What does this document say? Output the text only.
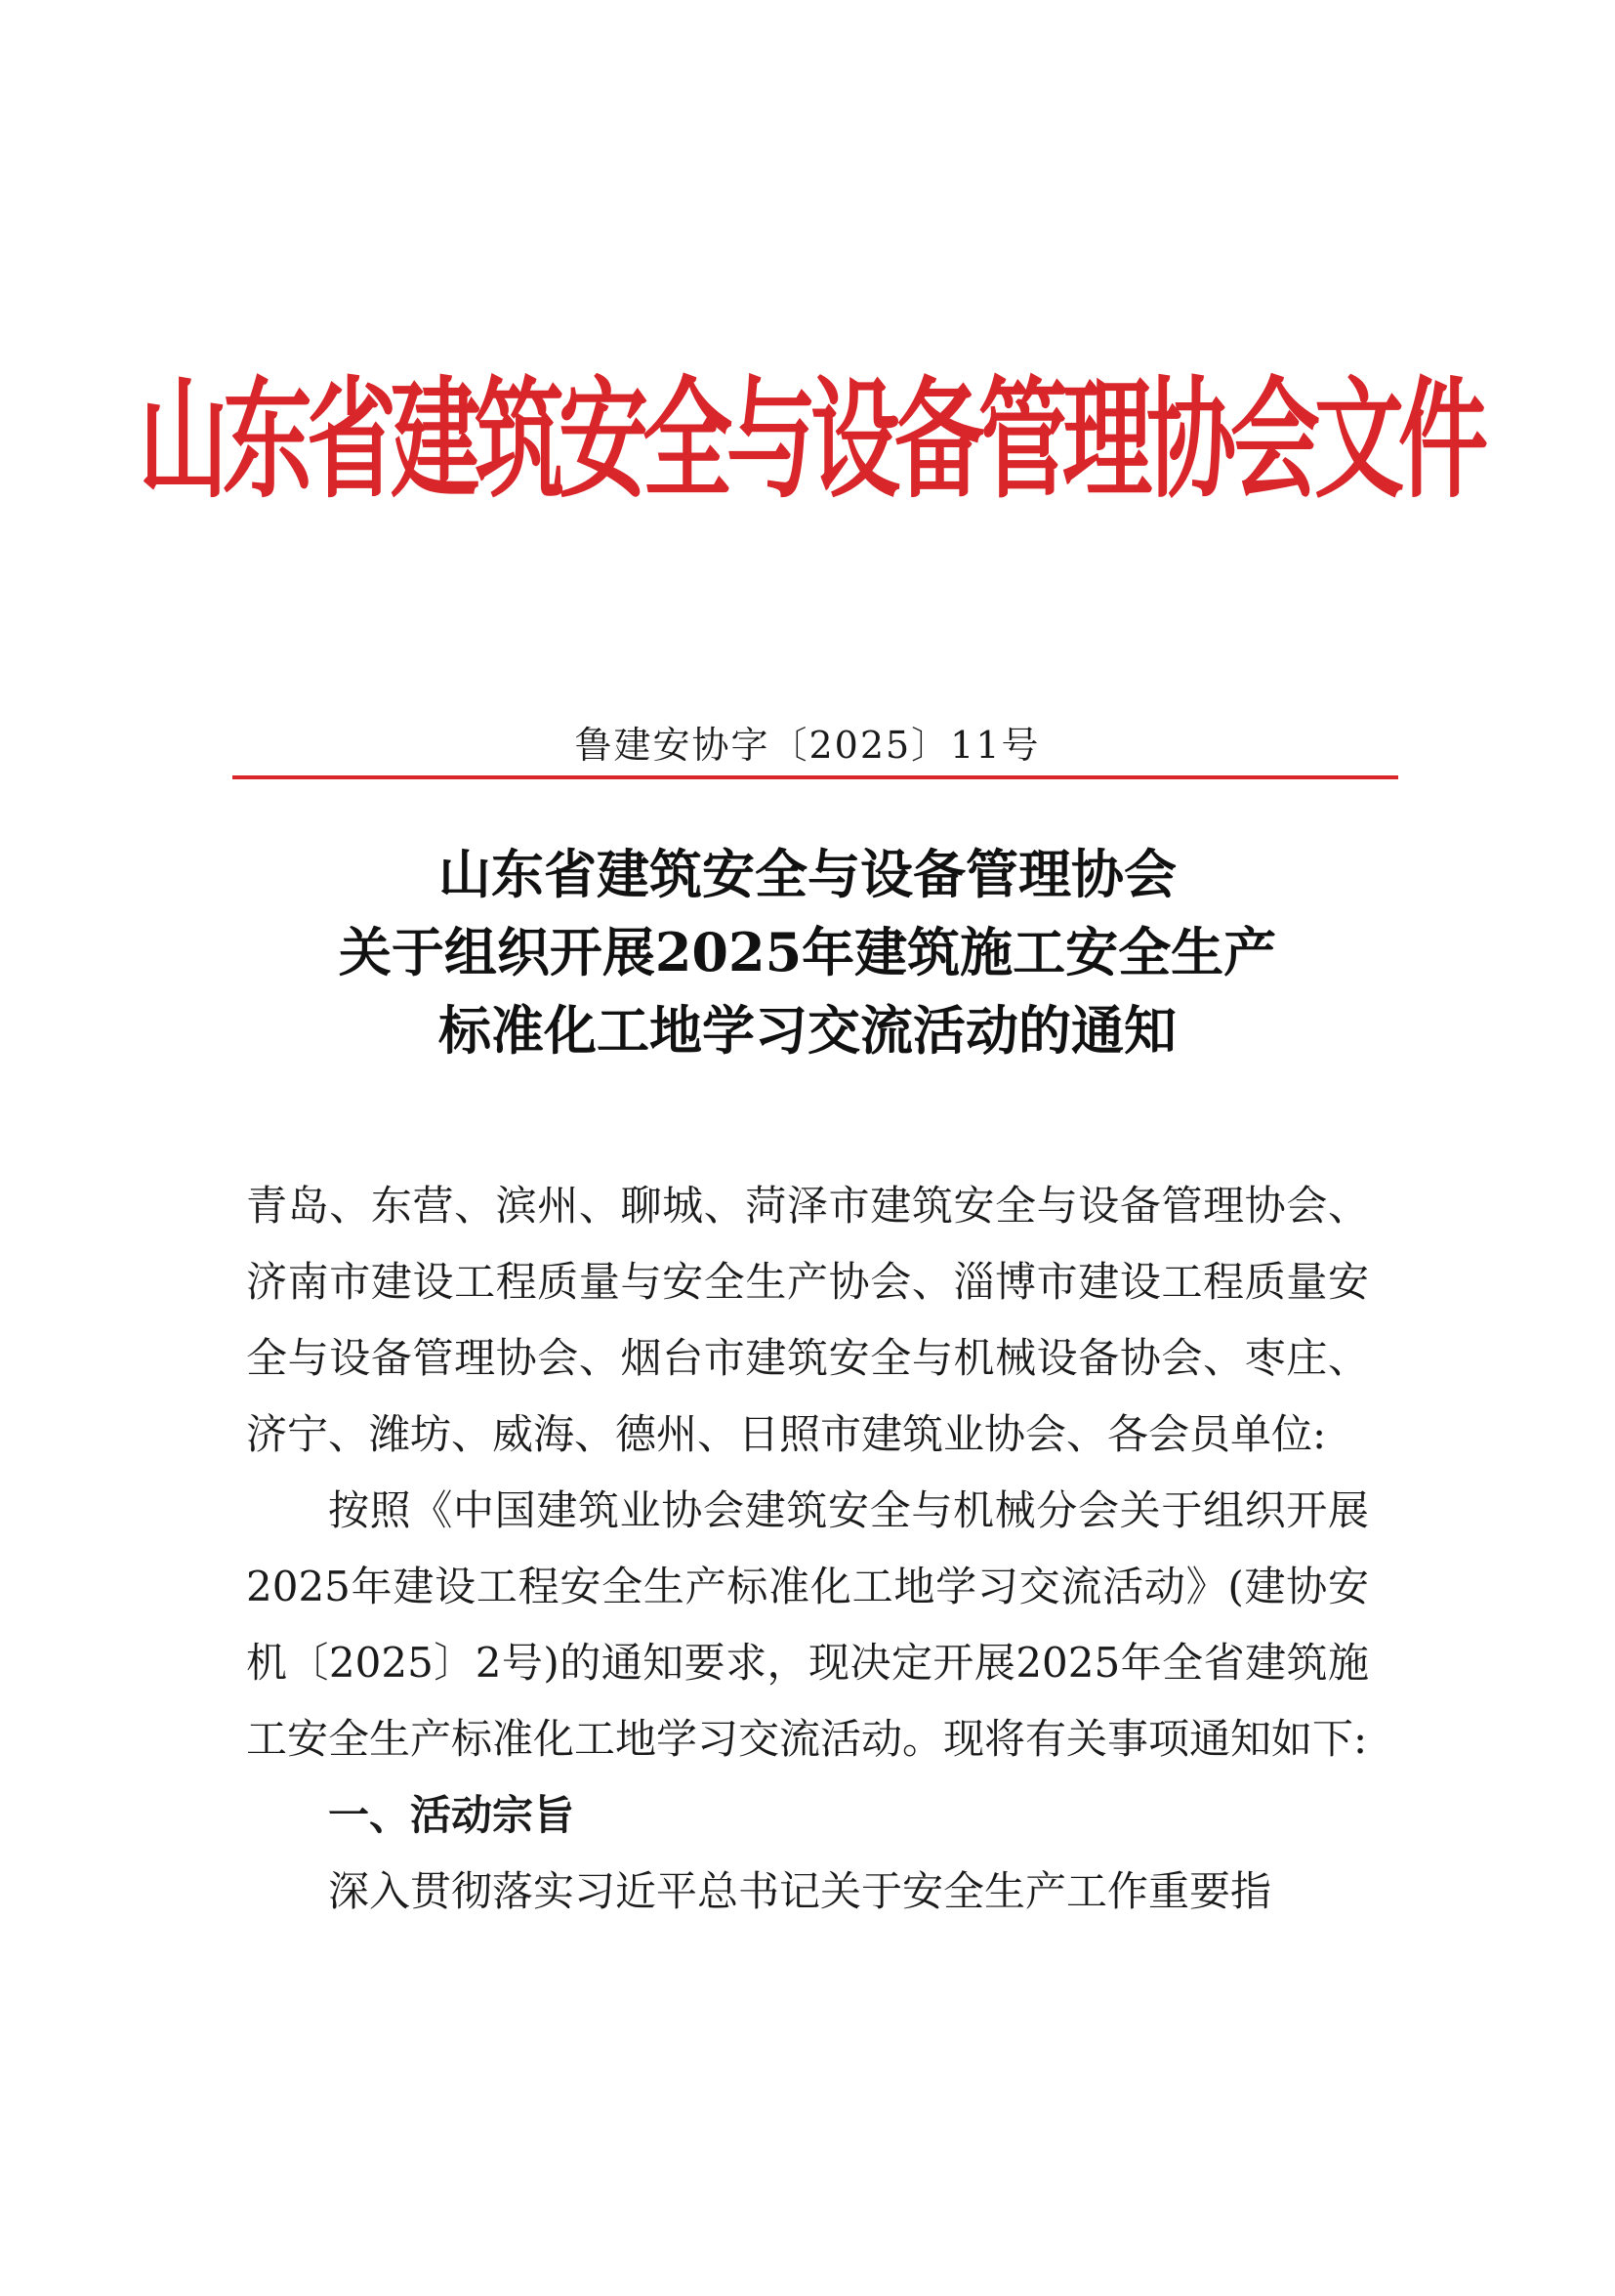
山东省建筑安全与设备管理协会文件
鲁建安协字〔2025〕11号
山东省建筑安全与设备管理协会
关于组织开展2025年建筑施工安全生产
标准化工地学习交流活动的通知

青岛、东营、滨州、聊城、菏泽市建筑安全与设备管理协会、济南市建设工程质量与安全生产协会、淄博市建设工程质量安全与设备管理协会、烟台市建筑安全与机械设备协会、枣庄、济宁、潍坊、威海、德州、日照市建筑业协会、各会员单位:

按照《中国建筑业协会建筑安全与机械分会关于组织开展2025年建设工程安全生产标准化工地学习交流活动》(建协安机〔2025〕2号)的通知要求，现决定开展2025年全省建筑施工安全生产标准化工地学习交流活动。现将有关事项通知如下:

一、活动宗旨

深入贯彻落实习近平总书记关于安全生产工作重要指
